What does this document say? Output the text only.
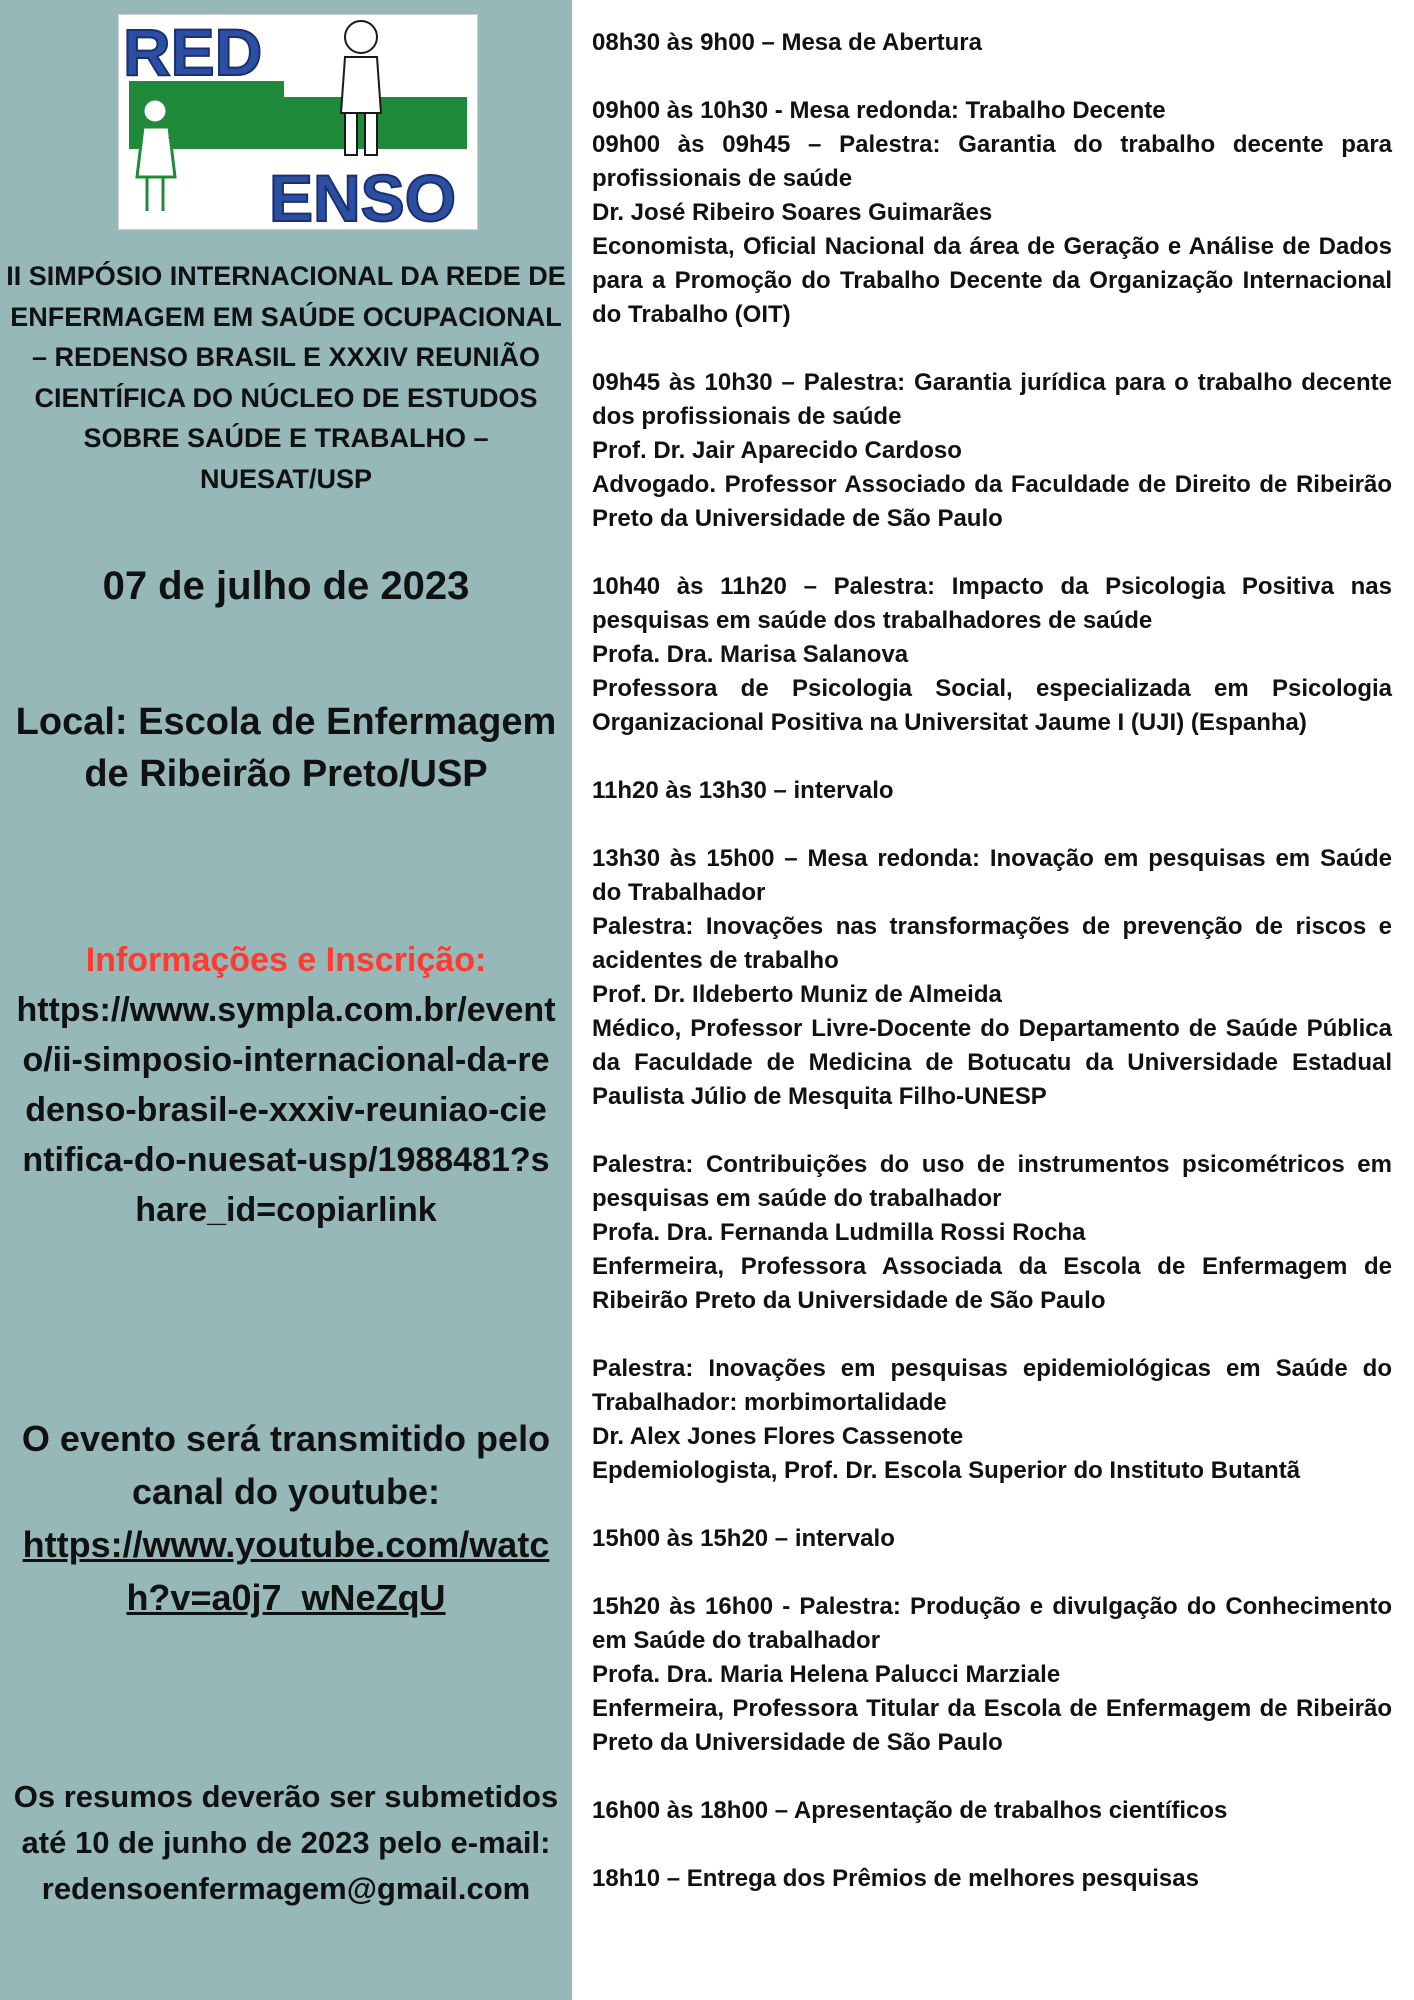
RED
ENSO
II SIMPÓSIO INTERNACIONAL DA REDE DE ENFERMAGEM EM SAÚDE OCUPACIONAL – REDENSO BRASIL E XXXIV REUNIÃO CIENTÍFICA DO NÚCLEO DE ESTUDOS SOBRE SAÚDE E TRABALHO – NUESAT/USP
07 de julho de 2023
Local: Escola de Enfermagem de Ribeirão Preto/USP
Informações e Inscrição:
https://www.sympla.com.br/evento/ii-simposio-internacional-da-redenso-brasil-e-xxxiv-reuniao-cientifica-do-nuesat-usp/1988481?share_id=copiarlink
O evento será transmitido pelo canal do youtube:
https://www.youtube.com/watch?v=a0j7_wNeZqU
Os resumos deverão ser submetidos até 10 de junho de 2023 pelo e-mail:
redensoenfermagem@gmail.com

08h30 às 9h00 – Mesa de Abertura

09h00 às 10h30 - Mesa redonda: Trabalho Decente
09h00 às 09h45 – Palestra: Garantia do trabalho decente para profissionais de saúde
Dr. José Ribeiro Soares Guimarães
Economista, Oficial Nacional da área de Geração e Análise de Dados para a Promoção do Trabalho Decente da Organização Internacional do Trabalho (OIT)

09h45 às 10h30 – Palestra: Garantia jurídica para o trabalho decente dos profissionais de saúde
Prof. Dr. Jair Aparecido Cardoso
Advogado. Professor Associado da Faculdade de Direito de Ribeirão Preto da Universidade de São Paulo

10h40 às 11h20 – Palestra: Impacto da Psicologia Positiva nas pesquisas em saúde dos trabalhadores de saúde
Profa. Dra. Marisa Salanova
Professora de Psicologia Social, especializada em Psicologia Organizacional Positiva na Universitat Jaume I (UJI) (Espanha)

11h20 às 13h30 – intervalo

13h30 às 15h00 – Mesa redonda: Inovação em pesquisas em Saúde do Trabalhador
Palestra: Inovações nas transformações de prevenção de riscos e acidentes de trabalho
Prof. Dr. Ildeberto Muniz de Almeida
Médico, Professor Livre-Docente do Departamento de Saúde Pública da Faculdade de Medicina de Botucatu da Universidade Estadual Paulista Júlio de Mesquita Filho-UNESP

Palestra: Contribuições do uso de instrumentos psicométricos em pesquisas em saúde do trabalhador
Profa. Dra. Fernanda Ludmilla Rossi Rocha
Enfermeira, Professora Associada da Escola de Enfermagem de Ribeirão Preto da Universidade de São Paulo

Palestra: Inovações em pesquisas epidemiológicas em Saúde do Trabalhador: morbimortalidade
Dr. Alex Jones Flores Cassenote
Epdemiologista, Prof. Dr. Escola Superior do Instituto Butantã

15h00 às 15h20 – intervalo

15h20 às 16h00 - Palestra: Produção e divulgação do Conhecimento em Saúde do trabalhador
Profa. Dra. Maria Helena Palucci Marziale
Enfermeira, Professora Titular da Escola de Enfermagem de Ribeirão Preto da Universidade de São Paulo

16h00 às 18h00 – Apresentação de trabalhos científicos

18h10 – Entrega dos Prêmios de melhores pesquisas
